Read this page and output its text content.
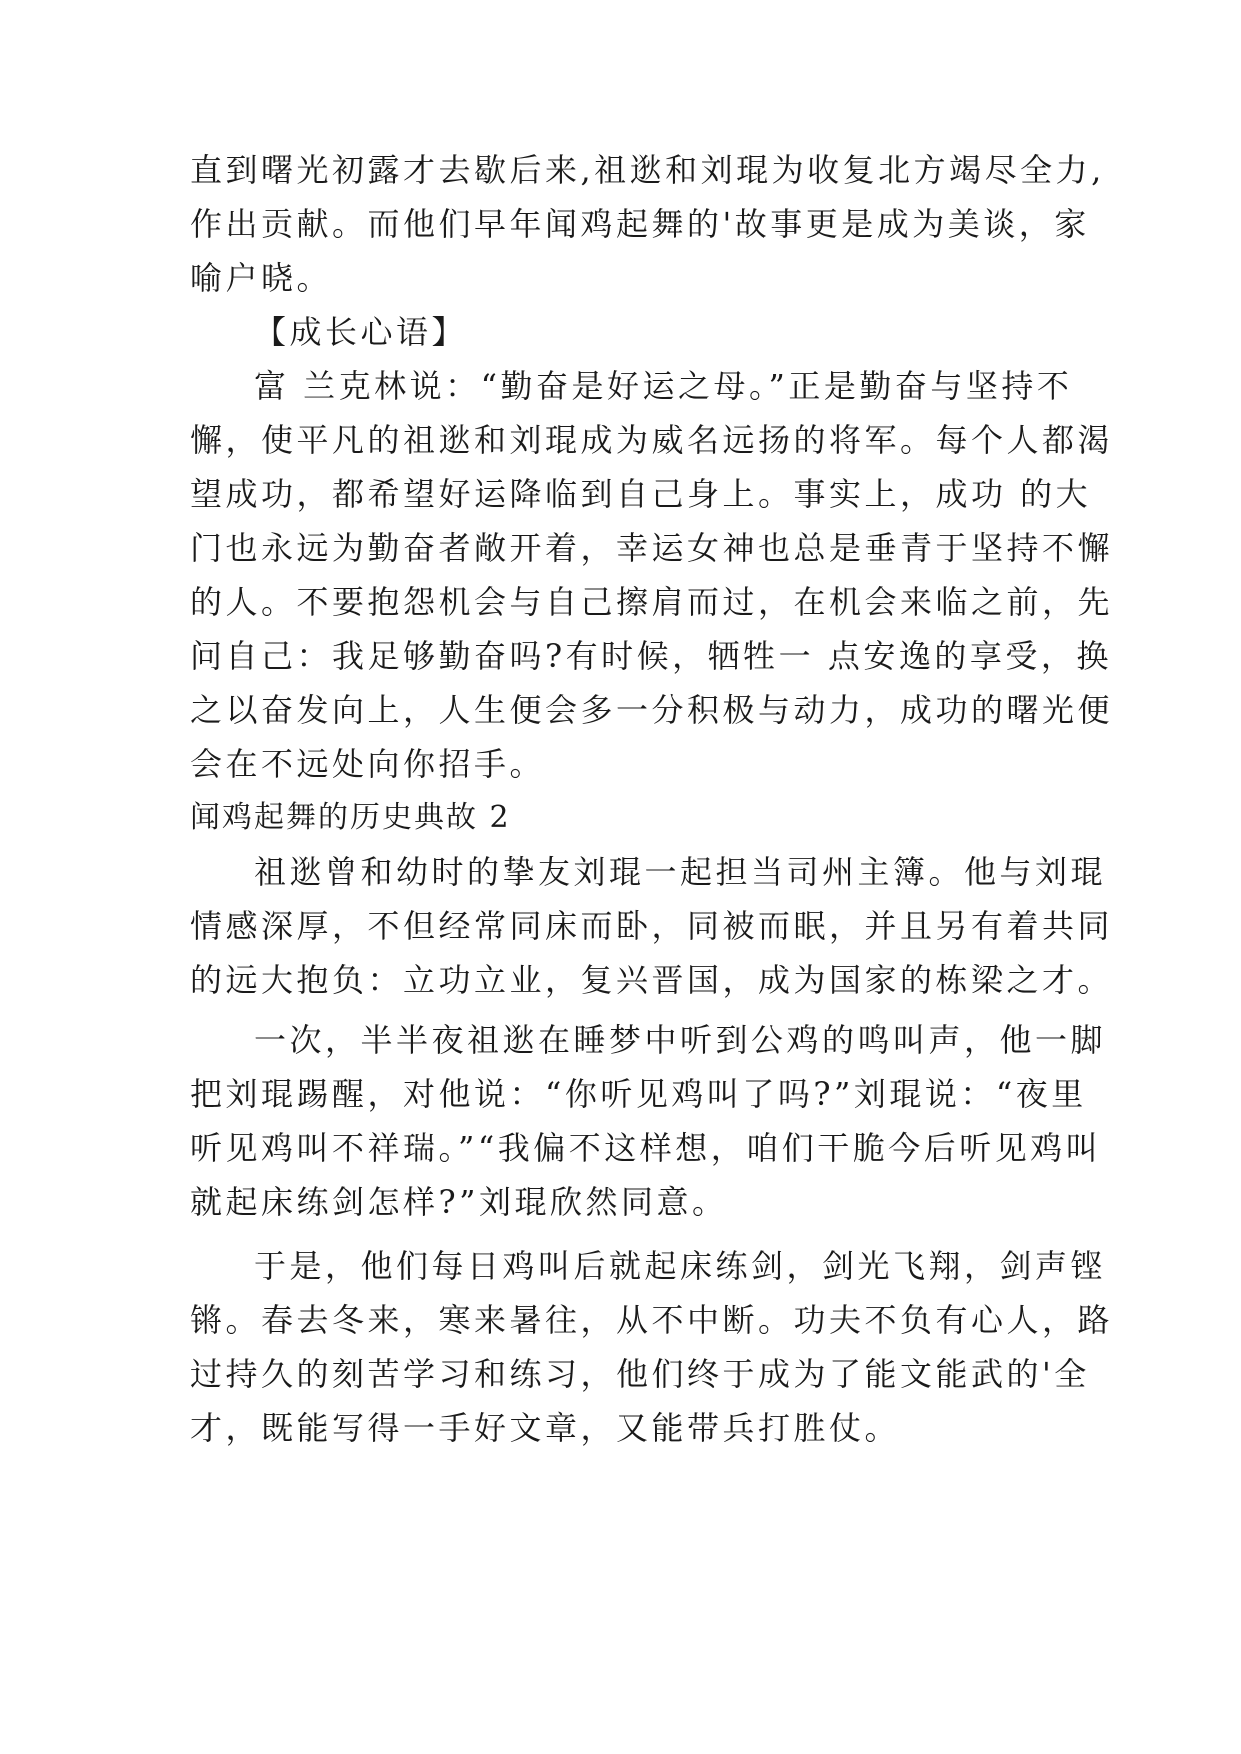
直到曙光初露才去歇后来,祖逖和刘琨为收复北方竭尽全力,
作出贡献。而他们早年闻鸡起舞的'故事更是成为美谈，家
喻户晓。
【成长心语】
富 兰克林说：“勤奋是好运之母。”正是勤奋与坚持不
懈，使平凡的祖逖和刘琨成为威名远扬的将军。每个人都渴
望成功，都希望好运降临到自己身上。事实上，成功 的大
门也永远为勤奋者敞开着，幸运女神也总是垂青于坚持不懈
的人。不要抱怨机会与自己擦肩而过，在机会来临之前，先
问自己：我足够勤奋吗?有时候，牺牲一 点安逸的享受，换
之以奋发向上，人生便会多一分积极与动力，成功的曙光便
会在不远处向你招手。
闻鸡起舞的历史典故 2
祖逖曾和幼时的挚友刘琨一起担当司州主簿。他与刘琨
情感深厚，不但经常同床而卧，同被而眠，并且另有着共同
的远大抱负：立功立业，复兴晋国，成为国家的栋梁之才。
一次，半半夜祖逖在睡梦中听到公鸡的鸣叫声，他一脚
把刘琨踢醒，对他说：“你听见鸡叫了吗?”刘琨说：“夜里
听见鸡叫不祥瑞。”“我偏不这样想，咱们干脆今后听见鸡叫
就起床练剑怎样?”刘琨欣然同意。
于是，他们每日鸡叫后就起床练剑，剑光飞翔，剑声铿
锵。春去冬来，寒来暑往，从不中断。功夫不负有心人，路
过持久的刻苦学习和练习，他们终于成为了能文能武的'全
才，既能写得一手好文章，又能带兵打胜仗。
